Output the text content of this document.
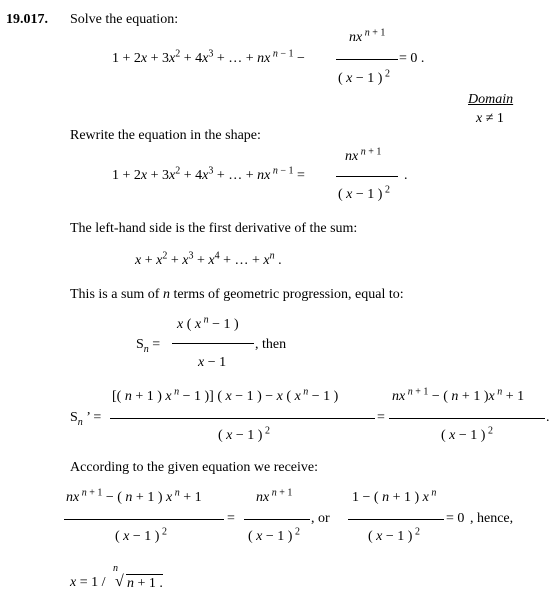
19.017. Solve the equation:
$1 + 2x + 3x^2 + 4x^3$ + … + nx $^{n - 1}$ −
nx $^{n + 1}$
( x − 1 ) $^2$
= 0 .
Domain
x ≠ 1
Rewrite the equation in the shape:
$1 + 2x + 3x^2 + 4x^3$ + … + nx $^{n - 1}$ =
nx $^{n + 1}$
( x − 1 ) $^2$
.
The left-hand side is the first derivative of the sum:
$x + x^2 + x^3 + x^4$ + … + $x^n$ .
This is a sum of n terms of geometric progression, equal to:
$S_n$ =
x ( x $^n$ − 1 )
x − 1
, then
$S_n$ ’ =
[( n + 1 ) x $^n$ − 1 )] ( x − 1 ) − x ( x $^n$ − 1 )
( x − 1 ) $^2$
=
nx $^{n + 1}$ − ( n + 1 )x $^n$ + 1
( x − 1 ) $^2$
.
According to the given equation we receive:
nx $^{n + 1}$ − ( n + 1 ) x $^n$ + 1
( x − 1 ) $^2$
=
nx $^{n + 1}$
( x − 1 ) $^2$
, or
1 − ( n + 1 ) x $^n$
( x − 1 ) $^2$
= 0 , hence,
x = 1 /
n
√ n + 1 .
